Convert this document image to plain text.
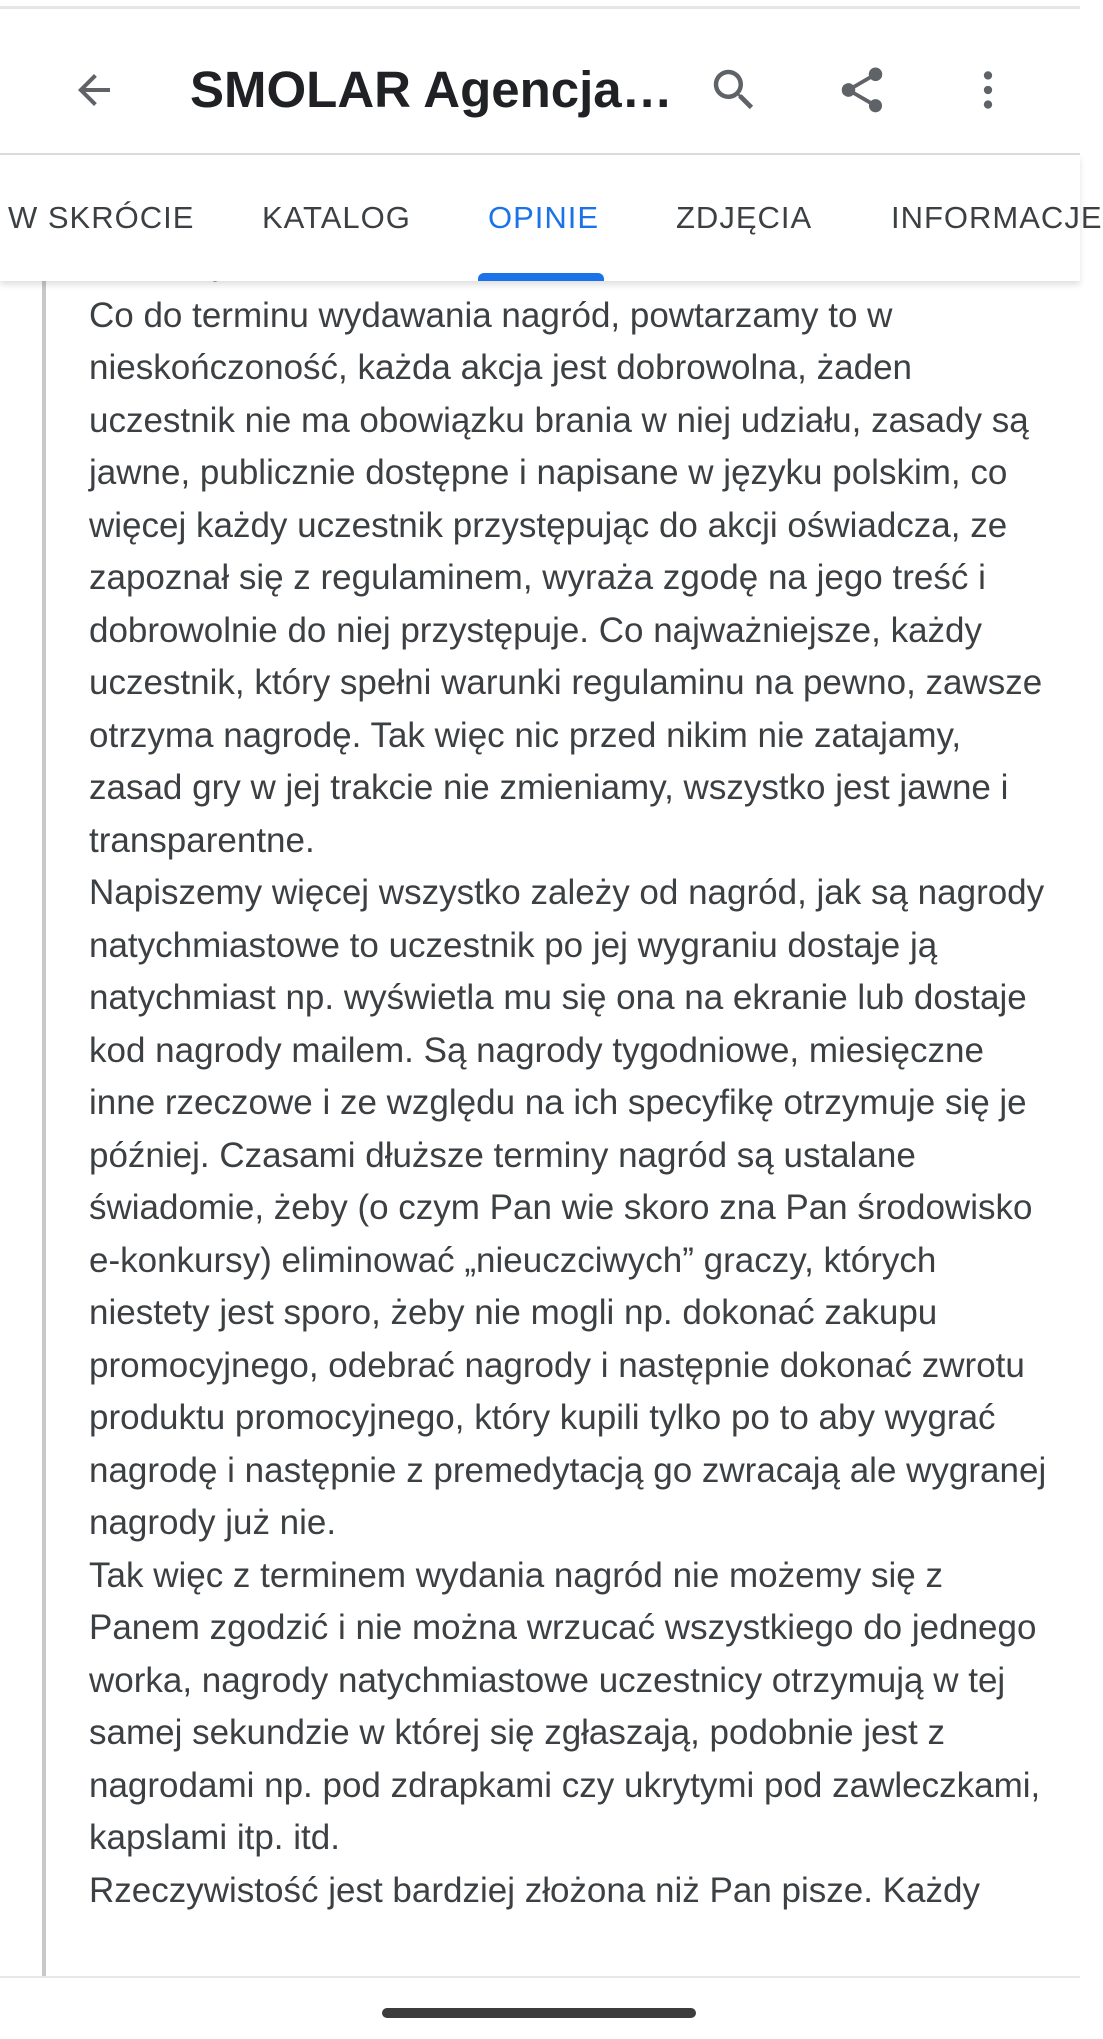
SMOLAR Agencja…
W SKRÓCIE KATALOG OPINIE ZDJĘCIA	INFORMACJE

Co do terminu wydawania nagród, powtarzamy to w nieskończoność, każda akcja jest dobrowolna, żaden uczestnik nie ma obowiązku brania w niej udziału, zasady są jawne, publicznie dostępne i napisane w języku polskim, co więcej każdy uczestnik przystępując do akcji oświadcza, ze zapoznał się z regulaminem, wyraża zgodę na jego treść i dobrowolnie do niej przystępuje. Co najważniejsze, każdy uczestnik, który spełni warunki regulaminu na pewno, zawsze otrzyma nagrodę. Tak więc nic przed nikim nie zatajamy, zasad gry w jej trakcie nie zmieniamy, wszystko jest jawne i transparentne.

Napiszemy więcej wszystko zależy od nagród, jak są nagrody natychmiastowe to uczestnik po jej wygraniu dostaje ją natychmiast np. wyświetla mu się ona na ekranie lub dostaje kod nagrody mailem. Są nagrody tygodniowe, miesięczne inne rzeczowe i ze względu na ich specyfikę otrzymuje się je później. Czasami dłuższe terminy nagród są ustalane świadomie, żeby (o czym Pan wie skoro zna Pan środowisko e-konkursy) eliminować „nieuczciwych” graczy, których niestety jest sporo, żeby nie mogli np. dokonać zakupu promocyjnego, odebrać nagrody i następnie dokonać zwrotu produktu promocyjnego, który kupili tylko po to aby wygrać nagrodę i następnie z premedytacją go zwracają ale wygranej nagrody już nie.

Tak więc z terminem wydania nagród nie możemy się z Panem zgodzić i nie można wrzucać wszystkiego do jednego worka, nagrody natychmiastowe uczestnicy otrzymują w tej samej sekundzie w której się zgłaszają, podobnie jest z nagrodami np. pod zdrapkami czy ukrytymi pod zawleczkami, kapslami itp. itd.

Rzeczywistość jest bardziej złożona niż Pan pisze. Każdy
